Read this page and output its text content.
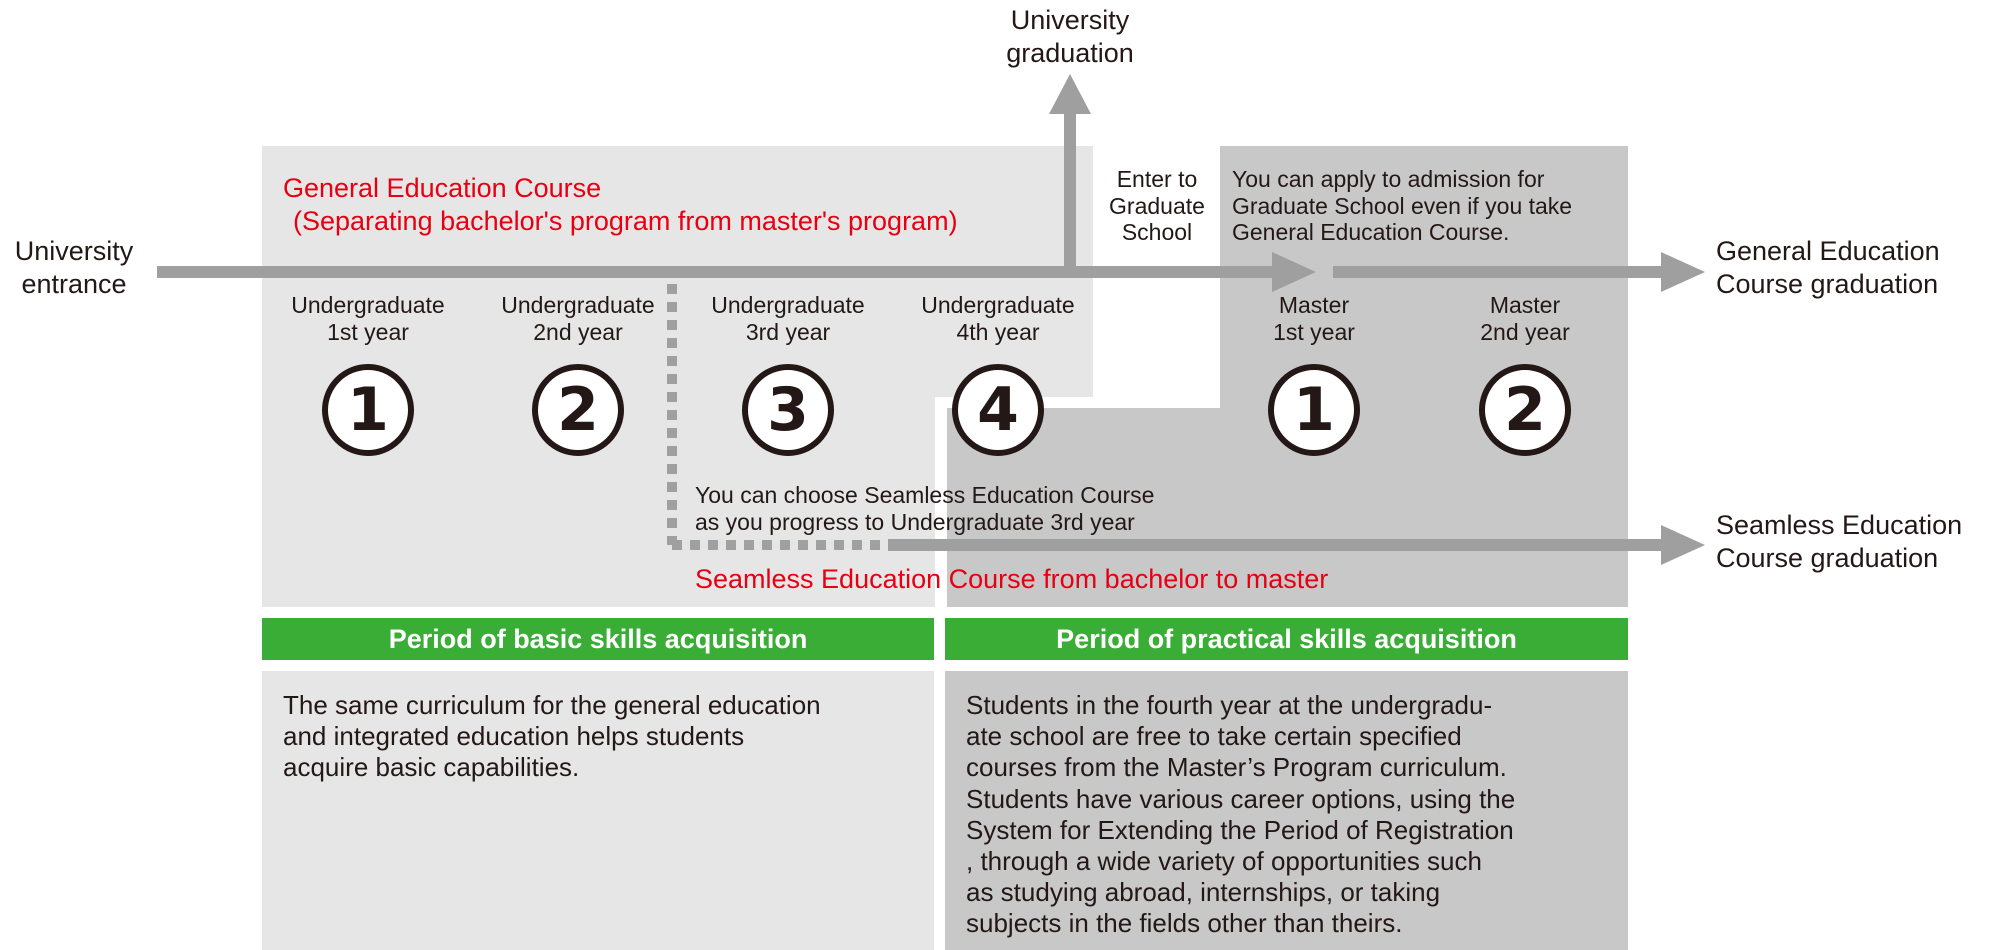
University
entrance
University
graduation
Enter to
Graduate
School
General Education
Course graduation
Seamless Education
Course graduation
General Education Course
(Separating bachelor's program from master's program)
You can apply to admission for
Graduate School even if you take
General Education Course.
You can choose Seamless Education Course
as you progress to Undergraduate 3rd year
Seamless Education Course from bachelor to master
Undergraduate
1st year
Undergraduate
2nd year
Undergraduate
3rd year
Undergraduate
4th year
Master
1st year
Master
2nd year
1	2	3	4	1	2
Period of basic skills acquisition	Period of practical skills acquisition
The same curriculum for the general education
and integrated education helps students
acquire basic capabilities.
Students in the fourth year at the undergradu-
ate school are free to take certain specified
courses from the Master’s Program curriculum.
Students have various career options, using the
System for Extending the Period of Registration
, through a wide variety of opportunities such
as studying abroad, internships, or taking
subjects in the fields other than theirs.
